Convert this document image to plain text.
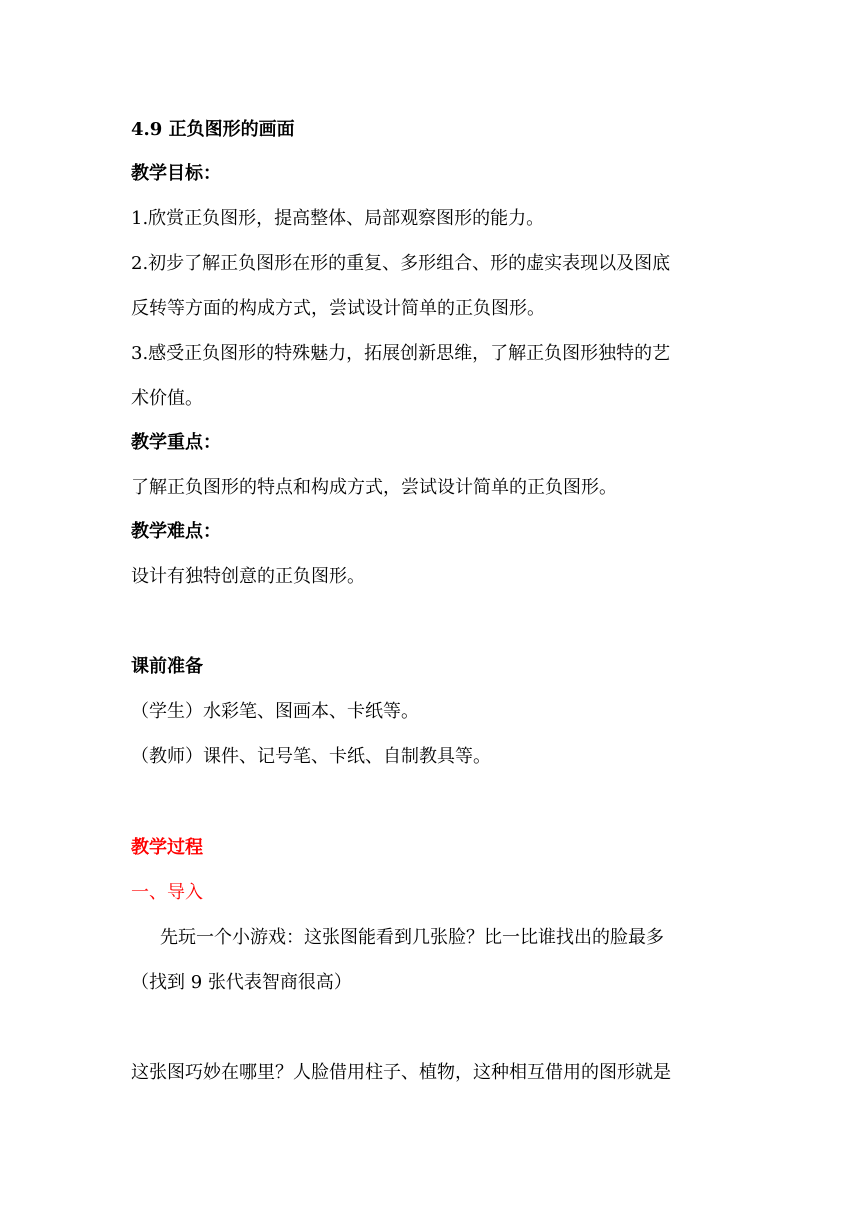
4.9 正负图形的画面
教学目标：
1.欣赏正负图形，提高整体、局部观察图形的能力。
2.初步了解正负图形在形的重复、多形组合、形的虚实表现以及图底
反转等方面的构成方式，尝试设计简单的正负图形。
3.感受正负图形的特殊魅力，拓展创新思维，了解正负图形独特的艺
术价值。
教学重点：
了解正负图形的特点和构成方式，尝试设计简单的正负图形。
教学难点：
设计有独特创意的正负图形。
课前准备
（学生）水彩笔、图画本、卡纸等。
（教师）课件、记号笔、卡纸、自制教具等。
教学过程
一、导入
先玩一个小游戏：这张图能看到几张脸？比一比谁找出的脸最多
（找到 9 张代表智商很高）
这张图巧妙在哪里？人脸借用柱子、植物，这种相互借用的图形就是
